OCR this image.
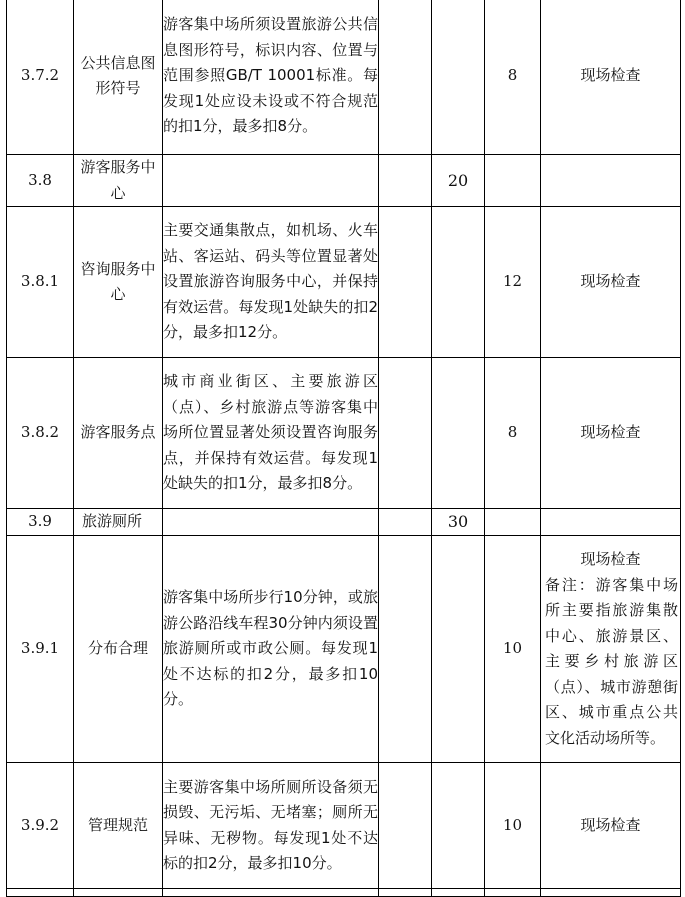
3.7.2	公共信息图形符号	游客集中场所须设置旅游公共信息图形符号，标识内容、位置与范围参照GB/T 10001标准。每发现1处应设未设或不符合规范的扣1分，最多扣8分。			8	现场检查
3.8	游客服务中心			20		
3.8.1	咨询服务中心	主要交通集散点，如机场、火车站、客运站、码头等位置显著处设置旅游咨询服务中心，并保持有效运营。每发现1处缺失的扣2分，最多扣12分。			12	现场检查
3.8.2	游客服务点	城市商业街区、主要旅游区（点）、乡村旅游点等游客集中场所位置显著处须设置咨询服务点，并保持有效运营。每发现1处缺失的扣1分，最多扣8分。			8	现场检查
3.9	旅游厕所			30		
3.9.1	分布合理	游客集中场所步行10分钟，或旅游公路沿线车程30分钟内须设置旅游厕所或市政公厕。每发现1处不达标的扣2分，最多扣10分。			10	现场检查
备注：游客集中场所主要指旅游集散中心、旅游景区、主要乡村旅游区（点）、城市游憩街区、城市重点公共文化活动场所等。

3.9.2	管理规范	主要游客集中场所厕所设备须无损毁、无污垢、无堵塞；厕所无异味、无秽物。每发现1处不达标的扣2分，最多扣10分。			10	现场检查
